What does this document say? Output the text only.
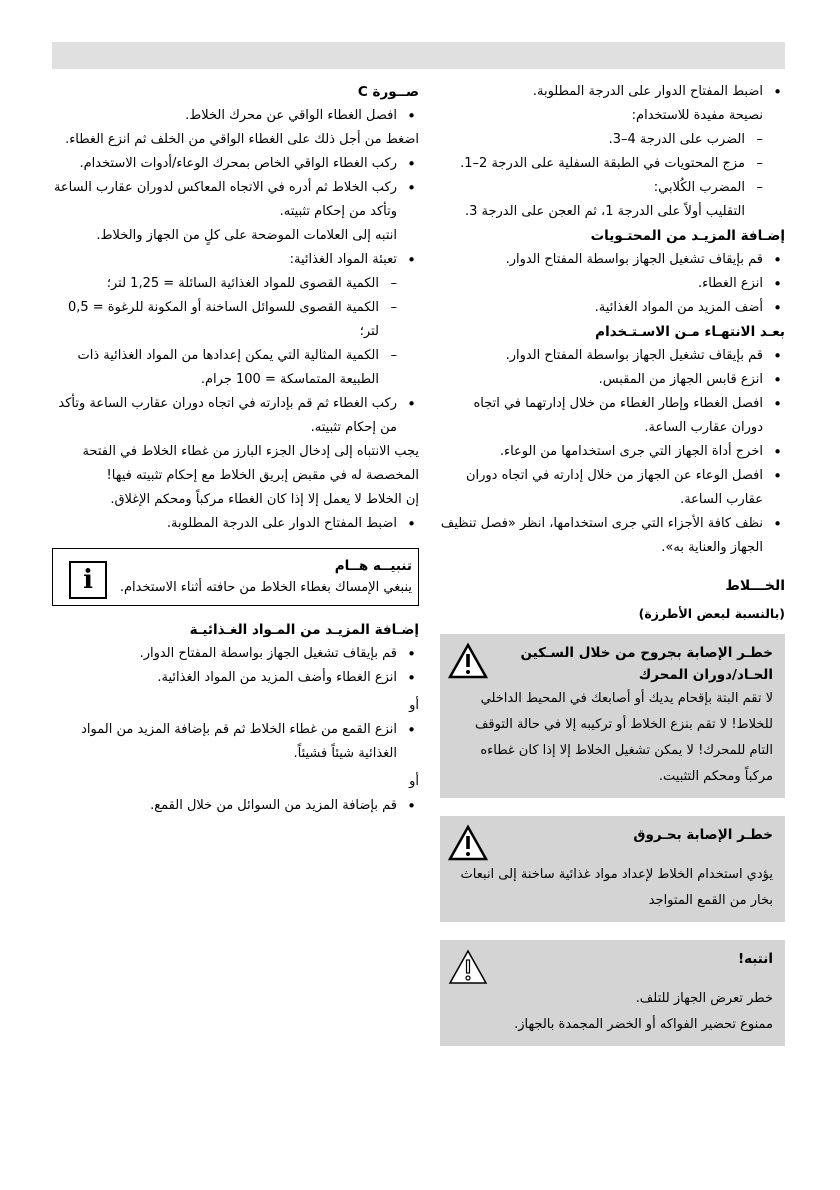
• اضبط المفتاح الدوار على الدرجة المطلوبة.

نصيحة مفيدة للاستخدام:

– الضرب على الدرجة 4–3.
– مزج المحتويات في الطبقة السفلية على الدرجة 2–1.
– المضرب الكُلابي:

التقليب أولاً على الدرجة 1، ثم العجن على الدرجة 3.

إضـافة المزيـد من المحتـويات

• قم بإيقاف تشغيل الجهاز بواسطة المفتاح الدوار.
• انزع الغطاء.
• أضف المزيد من المواد الغذائية.

بعـد الانتهـاء مـن الاسـتـخدام

• قم بإيقاف تشغيل الجهاز بواسطة المفتاح الدوار.
• انزع قابس الجهاز من المقبس.
• افصل الغطاء وإطار الغطاء من خلال إدارتهما في اتجاه دوران عقارب الساعة.
• اخرج أداة الجهاز التي جرى استخدامها من الوعاء.
• افصل الوعاء عن الجهاز من خلال إدارته في اتجاه دوران عقارب الساعة.
• نظف كافة الأجزاء التي جرى استخدامها، انظر «فصل تنظيف الجهاز والعناية به».

الخـــلاط

(بالنسبة لبعض الأطرزة)

خطـر الإصابة بجروح من خلال السـكين الحـاد/دوران المحرك

لا تقم البتة بإقحام يديك أو أصابعك في المحيط الداخلي للخلاط! لا تقم بنزع الخلاط أو تركيبه إلا في حالة التوقف التام للمحرك! لا يمكن تشغيل الخلاط إلا إذا كان غطاءه مركباً ومحكم التثبيت.

خطـر الإصابة بحـروق

يؤدي استخدام الخلاط لإعداد مواد غذائية ساخنة إلى انبعاث بخار من القمع المتواجد

انتبه!

خطر تعرض الجهاز للتلف.

ممنوع تحضير الفواكه أو الخضر المجمدة بالجهاز.

صــورة C

• افصل الغطاء الواقي عن محرك الخلاط.

اضغط من أجل ذلك على الغطاء الواقي من الخلف ثم انزع الغطاء.

• ركب الغطاء الواقي الخاص بمحرك الوعاء/أدوات الاستخدام.
• ركب الخلاط ثم أدره في الاتجاه المعاكس لدوران عقارب الساعة وتأكد من إحكام تثبيته.

انتبه إلى العلامات الموضحة على كلٍ من الجهاز والخلاط.

• تعبئة المواد الغذائية:
– الكمية القصوى للمواد الغذائية السائلة = 1,25 لتر؛
– الكمية القصوى للسوائل الساخنة أو المكونة للرغوة = 0,5 لتر؛
– الكمية المثالية التي يمكن إعدادها من المواد الغذائية ذات الطبيعة المتماسكة = 100 جرام.
• ركب الغطاء ثم قم بإدارته في اتجاه دوران عقارب الساعة وتأكد من إحكام تثبيته.

يجب الانتباه إلى إدخال الجزء البارز من غطاء الخلاط في الفتحة المخصصة له في مقبض إبريق الخلاط مع إحكام تثبيته فيها!

إن الخلاط لا يعمل إلا إذا كان الغطاء مركباً ومحكم الإغلاق.

• اضبط المفتاح الدوار على الدرجة المطلوبة.

تنبيــه هــام

ينبغي الإمساك بغطاء الخلاط من حافته أثناء الاستخدام.

i

إضـافة المزيـد من المـواد الغـذائيـة

• قم بإيقاف تشغيل الجهاز بواسطة المفتاح الدوار.
• انزع الغطاء وأضف المزيد من المواد الغذائية.

أو

• انزع القمع من غطاء الخلاط ثم قم بإضافة المزيد من المواد الغذائية شيئاً فشيئاً.

أو

• قم بإضافة المزيد من السوائل من خلال القمع.
